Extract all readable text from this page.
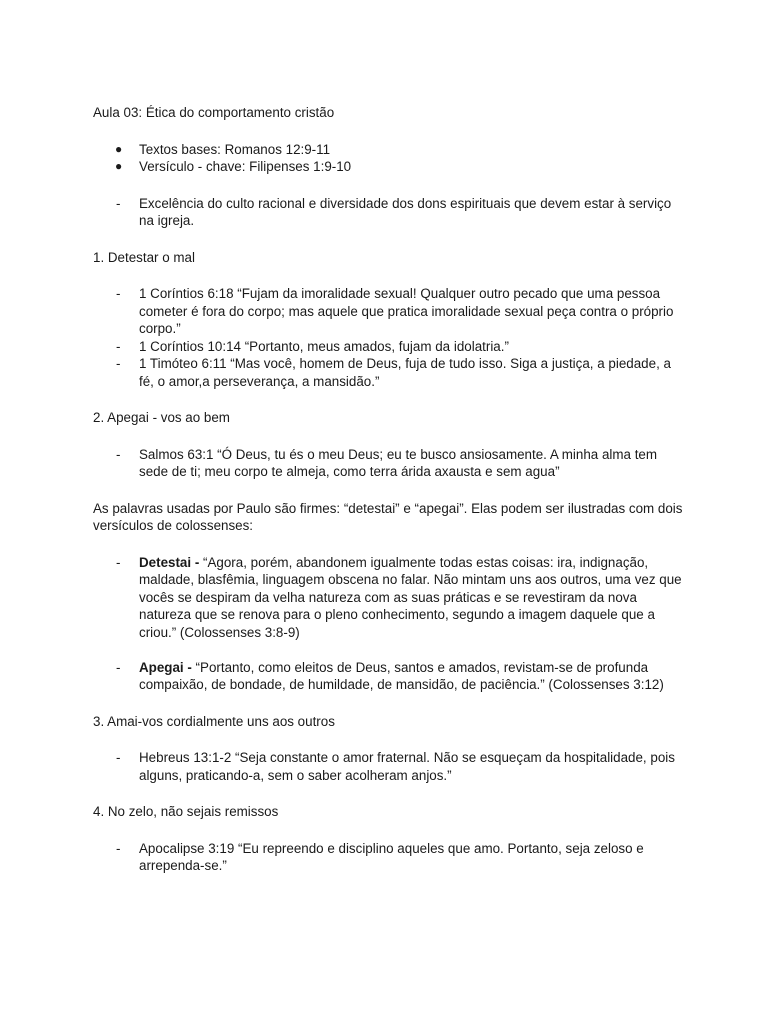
Aula 03: Ética do comportamento cristão

● Textos bases: Romanos 12:9-11
● Versículo - chave: Filipenses 1:9-10
- Excelência do culto racional e diversidade dos dons espirituais que devem estar à serviço na igreja.

1. Detestar o mal

- 1 Coríntios 6:18 “Fujam da imoralidade sexual! Qualquer outro pecado que uma pessoa cometer é fora do corpo; mas aquele que pratica imoralidade sexual peça contra o próprio corpo.”
- 1 Coríntios 10:14 “Portanto, meus amados, fujam da idolatria.”
- 1 Timóteo 6:11 “Mas você, homem de Deus, fuja de tudo isso. Siga a justiça, a piedade, a fé, o amor,a perseverança, a mansidão.”

2. Apegai - vos ao bem

- Salmos 63:1 “Ó Deus, tu és o meu Deus; eu te busco ansiosamente. A minha alma tem sede de ti; meu corpo te almeja, como terra árida axausta e sem agua”

As palavras usadas por Paulo são firmes: “detestai” e “apegai”. Elas podem ser ilustradas com dois versículos de colossenses:

- Detestai - “Agora, porém, abandonem igualmente todas estas coisas: ira, indignação, maldade, blasfêmia, linguagem obscena no falar. Não mintam uns aos outros, uma vez que vocês se despiram da velha natureza com as suas práticas e se revestiram da nova natureza que se renova para o pleno conhecimento, segundo a imagem daquele que a criou.” (Colossenses 3:8-9)
- Apegai - “Portanto, como eleitos de Deus, santos e amados, revistam-se de profunda compaixão, de bondade, de humildade, de mansidão, de paciência.” (Colossenses 3:12)

3. Amai-vos cordialmente uns aos outros

- Hebreus 13:1-2 “Seja constante o amor fraternal. Não se esqueçam da hospitalidade, pois alguns, praticando-a, sem o saber acolheram anjos.”

4. No zelo, não sejais remissos

- Apocalipse 3:19 “Eu repreendo e disciplino aqueles que amo. Portanto, seja zeloso e arrependa-se.”
